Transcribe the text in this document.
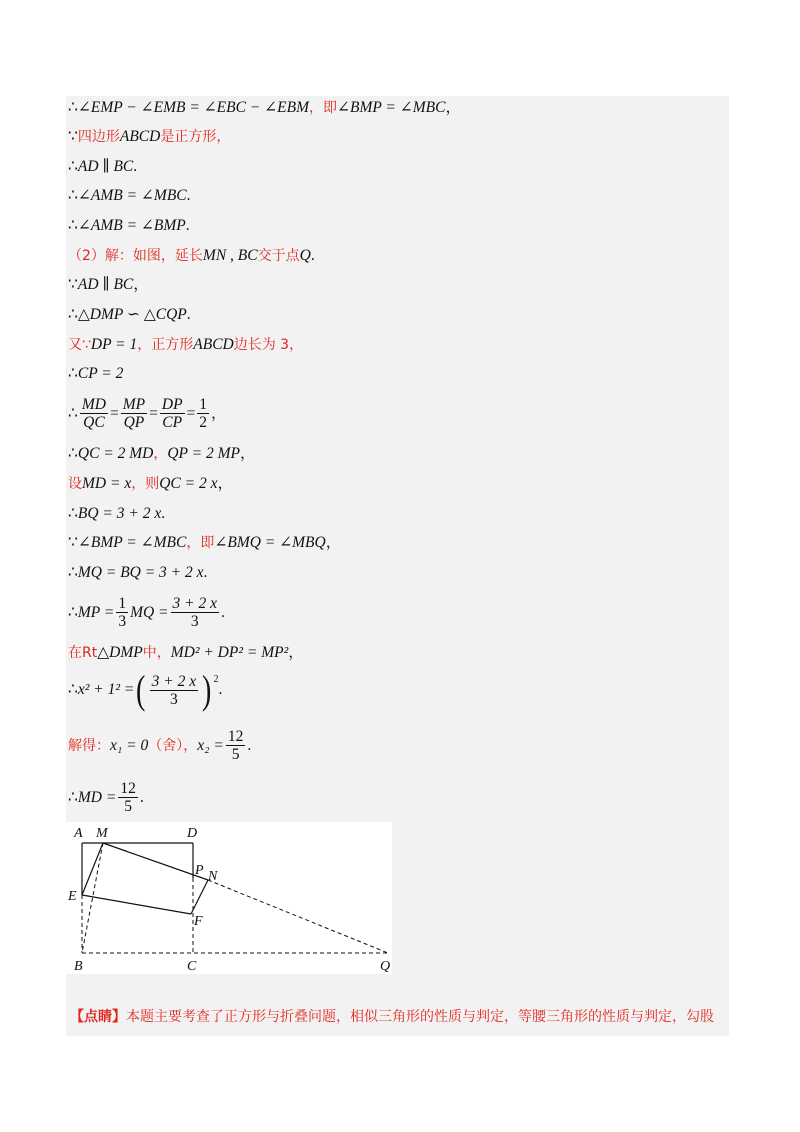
∴ ∠EMP − ∠EMB = ∠EBC − ∠EBM ，即 ∠BMP = ∠MBC ，
∵ 四边形 ABCD 是正方形，
∴ AD ∥ BC .
∴ ∠AMB = ∠MBC .
∴ ∠AMB = ∠BMP .
（2）解：如图，延长 MN , BC 交于点 Q .
∵ AD ∥ BC ，
∴ △DMP ∽ △CQP .
又∵ DP = 1 ，正方形 ABCD 边长为 3，
∴ CP = 2
∴ $\frac{MD}{QC} = \frac{MP}{QP} = \frac{DP}{CP} = \frac{1}{2}$ ，
∴ QC = 2 MD ， QP = 2 MP ，
设 MD = x ，则 QC = 2 x ，
∴ BQ = 3 + 2 x .
∵ ∠BMP = ∠MBC ，即 ∠BMQ = ∠MBQ ，
∴ MQ = BQ = 3 + 2 x .
∴ MP = $\frac{1}{3}$ MQ = $\frac{3 + 2 x}{3}$ .
在Rt △DMP 中， MD² + DP² = MP² ，
∴ x² + 1² = ( $\frac{3 + 2 x}{3} )^2$
.
解得： x₁ = 0 （舍）， $x_2 = \frac{12}{5}$ .
∴ MD = $\frac{12}{5}$ .
A M	D
P N
E
F
B	C	Q
【点睛】本题主要考查了正方形与折叠问题，相似三角形的性质与判定，等腰三角形的性质与判定，勾股
